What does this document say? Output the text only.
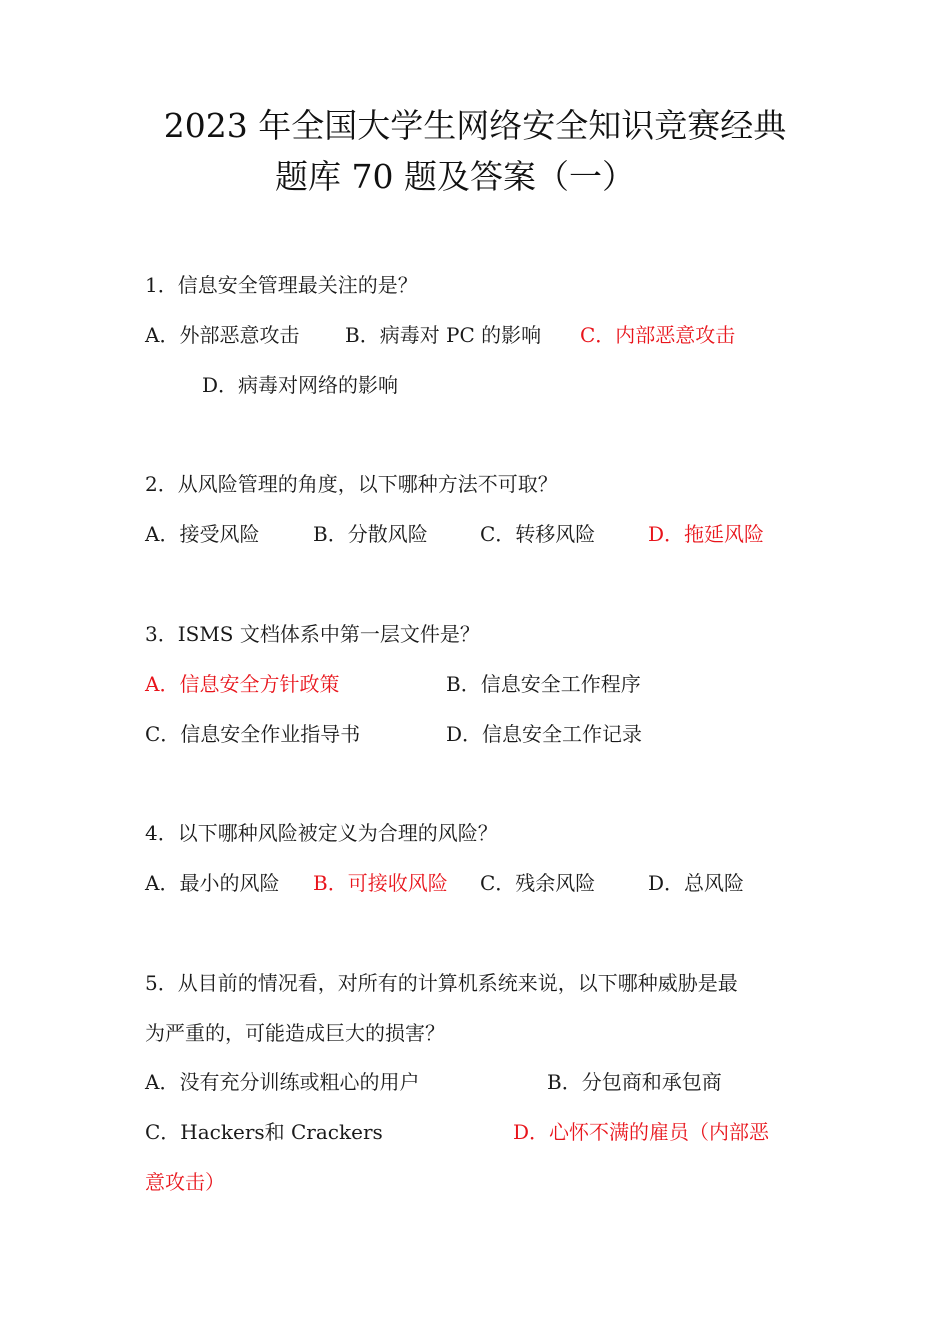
2023 年全国大学生网络安全知识竞赛经典
题库 70 题及答案（一）
1．信息安全管理最关注的是？
A．外部恶意攻击 B．病毒对 PC 的影响 C．内部恶意攻击
D．病毒对网络的影响
2．从风险管理的角度，以下哪种方法不可取？
A．接受风险	B．分散风险	C．转移风险	D．拖延风险
3．ISMS 文档体系中第一层文件是？
A．信息安全方针政策	B．信息安全工作程序
C．信息安全作业指导书	D．信息安全工作记录
4．以下哪种风险被定义为合理的风险？
A．最小的风险 B．可接收风险 C．残余风险	D．总风险
5．从目前的情况看，对所有的计算机系统来说，以下哪种威胁是最
为严重的，可能造成巨大的损害？
A．没有充分训练或粗心的用户	B．分包商和承包商
C．Hackers和 Crackers	D．心怀不满的雇员（内部恶
意攻击）
